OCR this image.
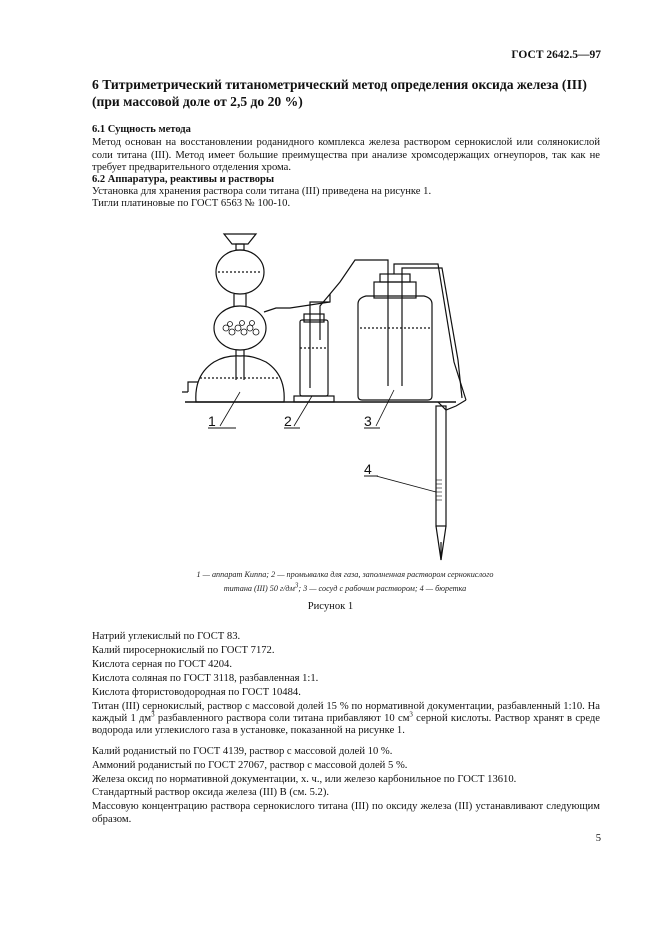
ГОСТ 2642.5—97
6 Титриметрический титанометрический метод определения оксида железа (III) (при массовой доле от 2,5 до 20 %)
6.1 Сущность метода
Метод основан на восстановлении роданидного комплекса железа раствором сернокислой или солянокислой соли титана (III). Метод имеет большие преимущества при анализе хромсодержащих огнеупоров, так как не требует предварительного отделения хрома.
6.2 Аппаратура, реактивы и растворы
Установка для хранения раствора соли титана (III) приведена на рисунке 1.
Тигли платиновые по ГОСТ 6563 № 100-10.
1	2	3
4
1 — аппарат Киппа; 2 — промывалка для газа, заполненная раствором сернокислого
титана (III) 50 $г/дм^3$; 3 — сосуд с рабочим раствором; 4 — бюретка
Рисунок 1
Натрий углекислый по ГОСТ 83.
Калий пиросернокислый по ГОСТ 7172.
Кислота серная по ГОСТ 4204.
Кислота соляная по ГОСТ 3118, разбавленная 1:1.
Кислота фтористоводородная по ГОСТ 10484.
Титан (III) сернокислый, раствор с массовой долей 15 % по нормативной документации, разбавленный 1:10. На каждый 1 $дм^3$ разбавленного раствора соли титана прибавляют 10 $см^3$ серной кислоты. Раствор хранят в среде водорода или углекислого газа в установке, показанной на рисунке 1.
Калий роданистый по ГОСТ 4139, раствор с массовой долей 10 %.
Аммоний роданистый по ГОСТ 27067, раствор с массовой долей 5 %.
Железа оксид по нормативной документации, х. ч., или железо карбонильное по ГОСТ 13610.
Стандартный раствор оксида железа (III) В (см. 5.2).
Массовую концентрацию раствора сернокислого титана (III) по оксиду железа (III) устанавливают следующим образом.
5
